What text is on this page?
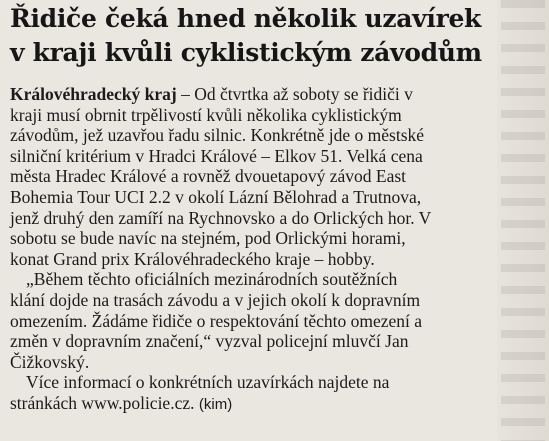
Řidiče čeká hned několik uzavírek
v kraji kvůli cyklistickým závodům

Královéhradecký kraj – Od čtvrtka až soboty se řidiči v
kraji musí obrnit trpělivostí kvůli několika cyklistickým
závodům, jež uzavřou řadu silnic. Konkrétně jde o městské
silniční kritérium v Hradci Králové – Elkov 51. Velká cena
města Hradec Králové a rovněž dvouetapový závod East
Bohemia Tour UCI 2.2 v okolí Lázní Bělohrad a Trutnova,
jenž druhý den zamíří na Rychnovsko a do Orlických hor. V
sobotu se bude navíc na stejném, pod Orlickými horami,
konat Grand prix Královéhradeckého kraje – hobby.

„Během těchto oficiálních mezinárodních soutěžních
klání dojde na trasách závodu a v jejich okolí k dopravním
omezením. Žádáme řidiče o respektování těchto omezení a
změn v dopravním značení,“ vyzval policejní mluvčí Jan
Čižkovský.

Více informací o konkrétních uzavírkách najdete na
stránkách www.policie.cz. (kim)
